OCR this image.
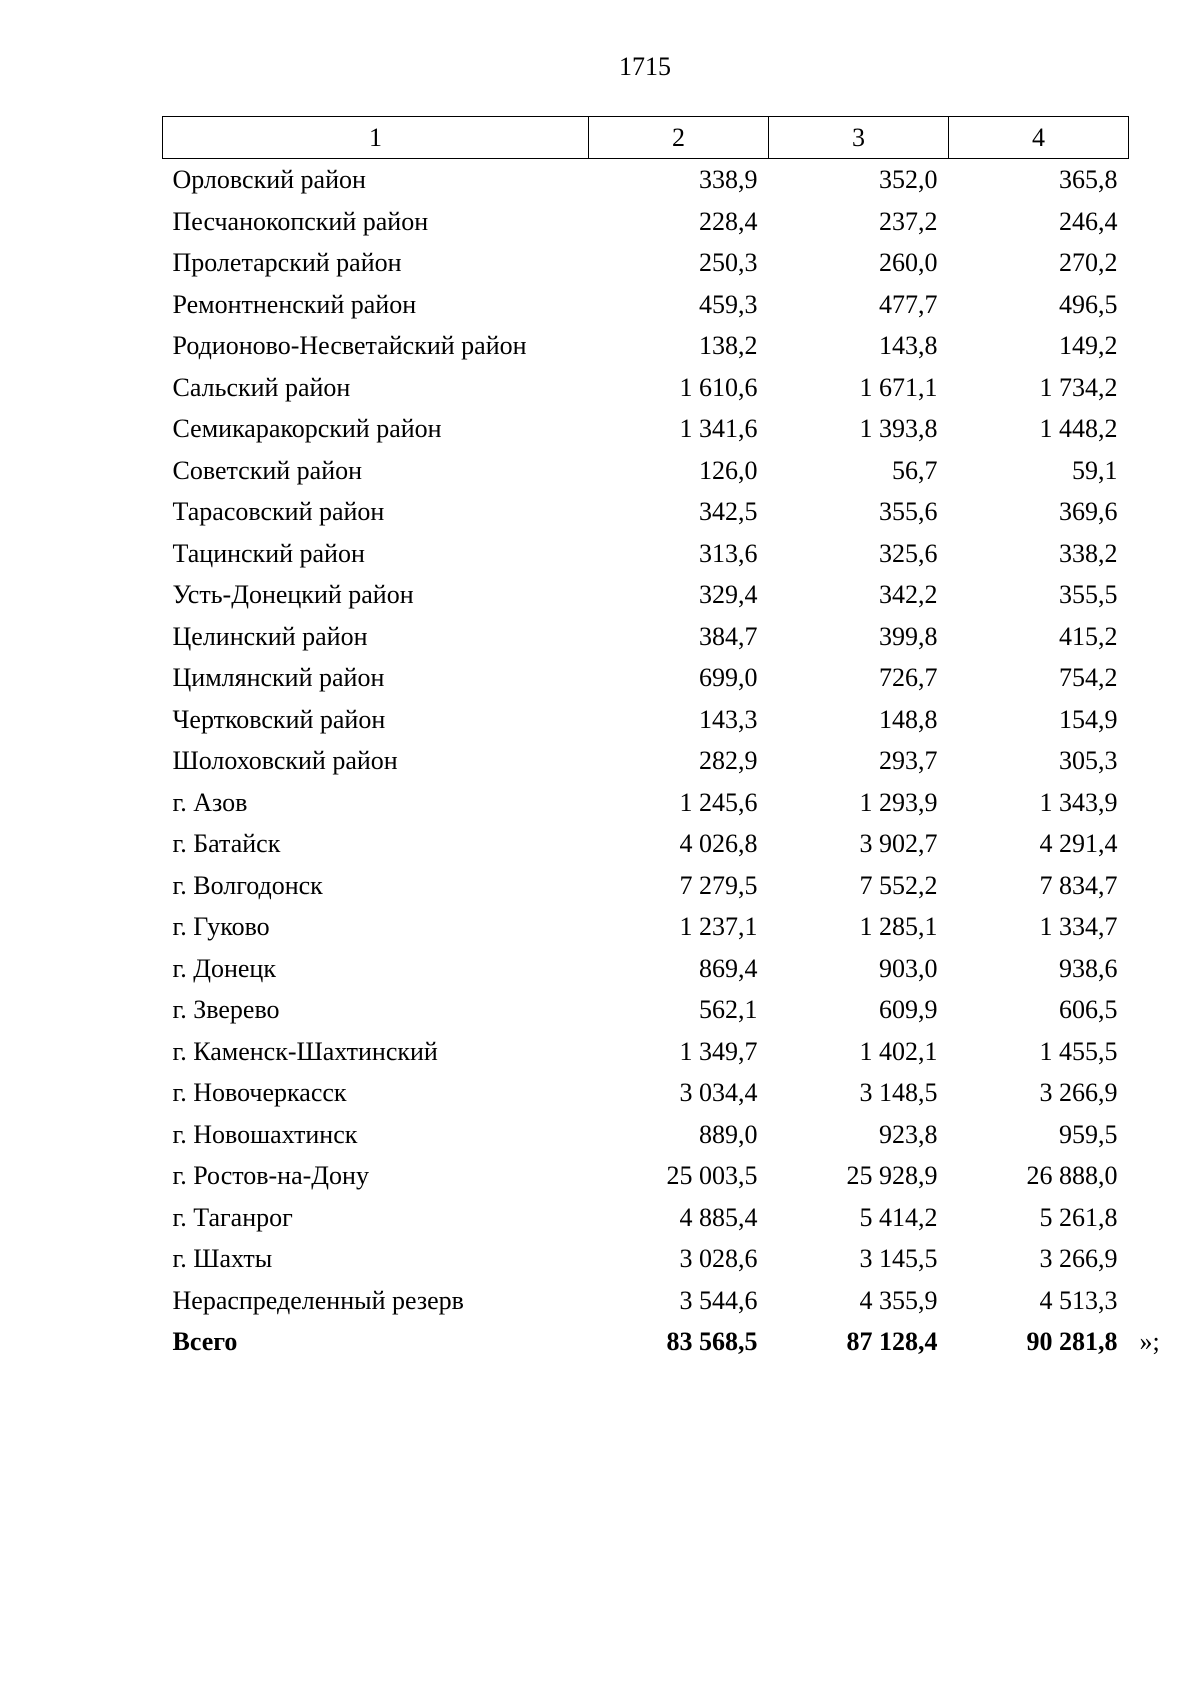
1715
1	2	3	4
Орловский район	338,9	352,0	365,8
Песчанокопский район	228,4	237,2	246,4
Пролетарский район	250,3	260,0	270,2
Ремонтненский район	459,3	477,7	496,5
Родионово-Несветайский район	138,2	143,8	149,2
Сальский район	1 610,6	1 671,1	1 734,2
Семикаракорский район	1 341,6	1 393,8	1 448,2
Советский район	126,0	56,7	59,1
Тарасовский район	342,5	355,6	369,6
Тацинский район	313,6	325,6	338,2
Усть-Донецкий район	329,4	342,2	355,5
Целинский район	384,7	399,8	415,2
Цимлянский район	699,0	726,7	754,2
Чертковский район	143,3	148,8	154,9
Шолоховский район	282,9	293,7	305,3
г. Азов	1 245,6	1 293,9	1 343,9
г. Батайск	4 026,8	3 902,7	4 291,4
г. Волгодонск	7 279,5	7 552,2	7 834,7
г. Гуково	1 237,1	1 285,1	1 334,7
г. Донецк	869,4	903,0	938,6
г. Зверево	562,1	609,9	606,5
г. Каменск-Шахтинский	1 349,7	1 402,1	1 455,5
г. Новочеркасск	3 034,4	3 148,5	3 266,9
г. Новошахтинск	889,0	923,8	959,5
г. Ростов-на-Дону	25 003,5	25 928,9	26 888,0
г. Таганрог	4 885,4	5 414,2	5 261,8
г. Шахты	3 028,6	3 145,5	3 266,9
Нераспределенный резерв	3 544,6	4 355,9	4 513,3
Всего	83 568,5	87 128,4	90 281,8 »;
